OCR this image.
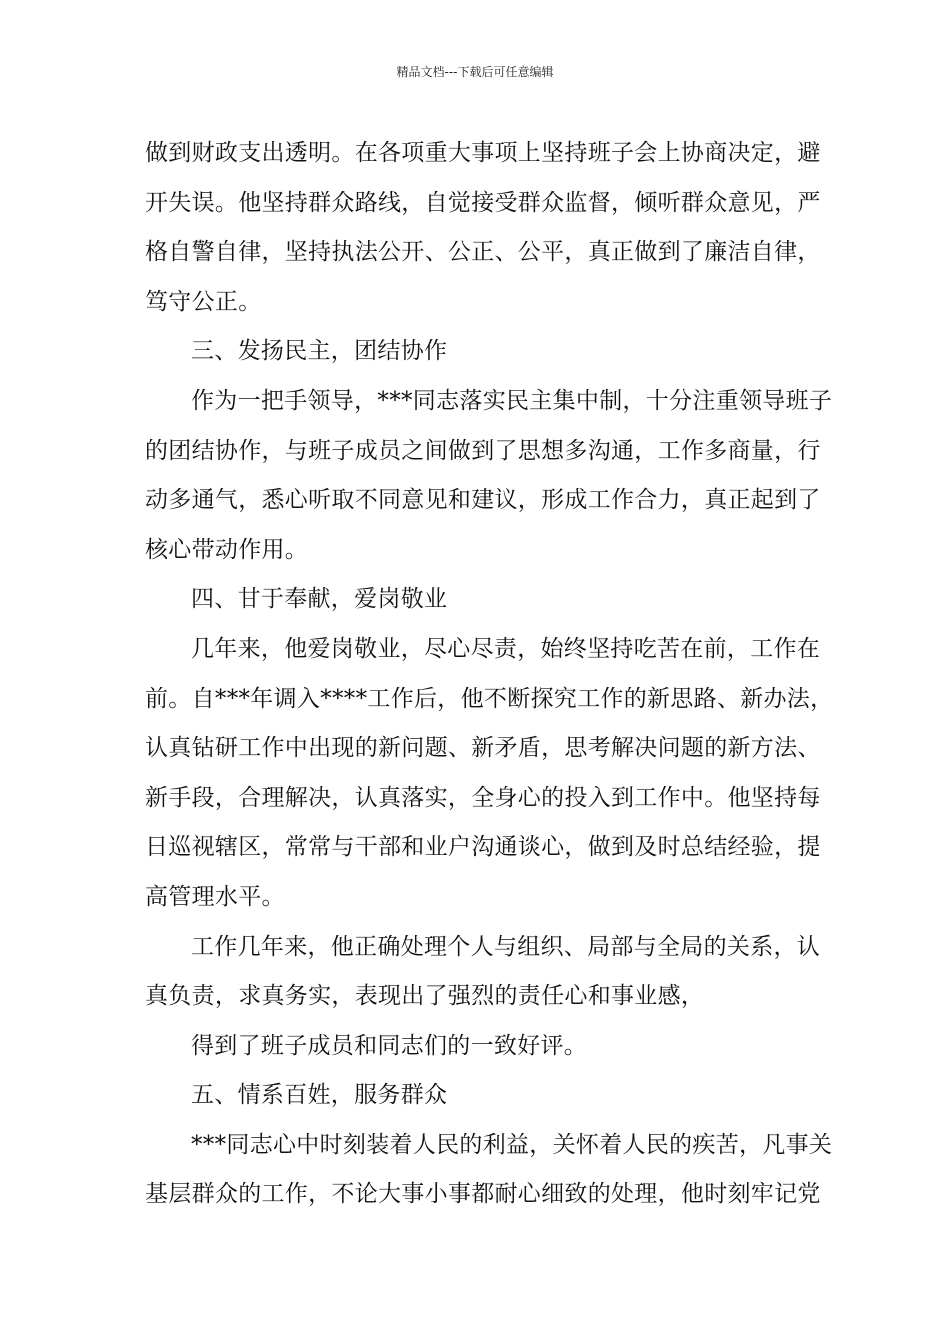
精品文档---下载后可任意编辑

做到财政支出透明。在各项重大事项上坚持班子会上协商决定，避
开失误。他坚持群众路线，自觉接受群众监督，倾听群众意见，严
格自警自律，坚持执法公开、公正、公平，真正做到了廉洁自律，
笃守公正。

三、发扬民主，团结协作

作为一把手领导，***同志落实民主集中制，十分注重领导班子
的团结协作，与班子成员之间做到了思想多沟通，工作多商量，行
动多通气，悉心听取不同意见和建议，形成工作合力，真正起到了
核心带动作用。

四、甘于奉献，爱岗敬业

几年来，他爱岗敬业，尽心尽责，始终坚持吃苦在前，工作在
前。自***年调入****工作后，他不断探究工作的新思路、新办法，
认真钻研工作中出现的新问题、新矛盾，思考解决问题的新方法、
新手段，合理解决，认真落实，全身心的投入到工作中。他坚持每
日巡视辖区，常常与干部和业户沟通谈心，做到及时总结经验，提
高管理水平。

工作几年来，他正确处理个人与组织、局部与全局的关系，认
真负责，求真务实，表现出了强烈的责任心和事业感，

得到了班子成员和同志们的一致好评。

五、情系百姓，服务群众

***同志心中时刻装着人民的利益，关怀着人民的疾苦，凡事关
基层群众的工作，不论大事小事都耐心细致的处理，他时刻牢记党
